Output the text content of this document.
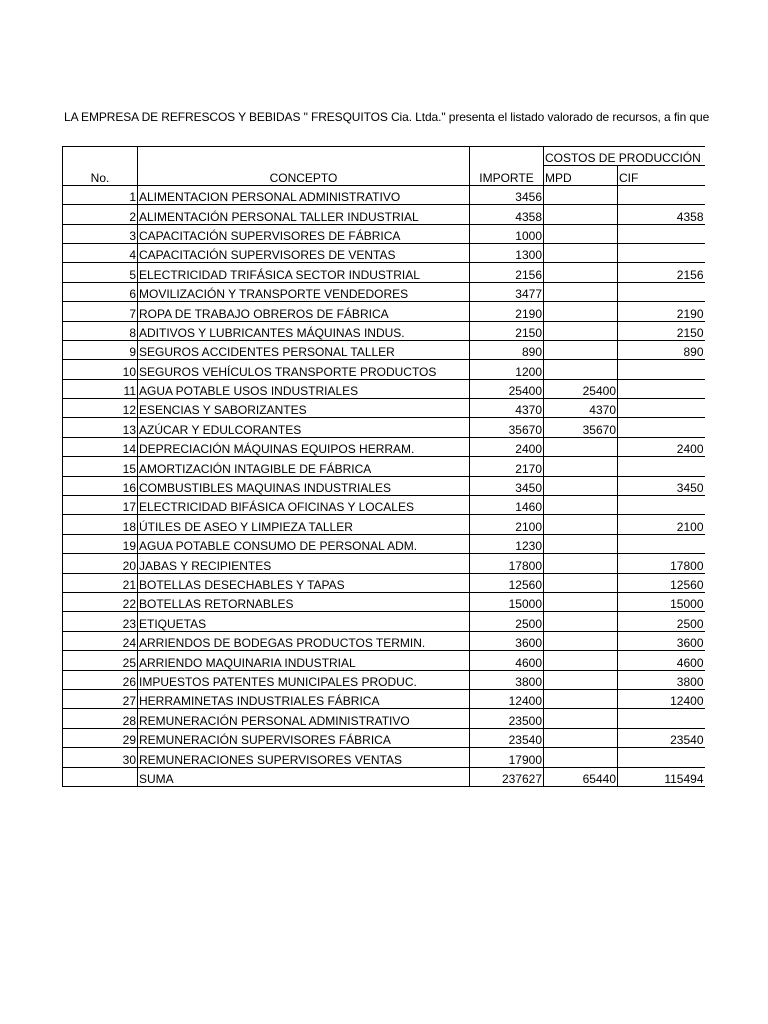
LA EMPRESA DE REFRESCOS Y BEBIDAS " FRESQUITOS Cia. Ltda." presenta el listado valorado de recursos, a fin que
No.	CONCEPTO	IMPORTE	COSTOS DE PRODUCCIÓN	
			MPD	CIF
1	ALIMENTACION PERSONAL ADMINISTRATIVO	3456		
2	ALIMENTACIÓN PERSONAL TALLER INDUSTRIAL	4358		4358
3	CAPACITACIÓN SUPERVISORES DE FÁBRICA	1000		
4	CAPACITACIÓN SUPERVISORES DE VENTAS	1300		
5	ELECTRICIDAD TRIFÁSICA SECTOR INDUSTRIAL	2156		2156
6	MOVILIZACIÓN Y TRANSPORTE VENDEDORES	3477		
7	ROPA DE TRABAJO OBREROS DE FÁBRICA	2190		2190
8	ADITIVOS Y LUBRICANTES MÁQUINAS INDUS.	2150		2150
9	SEGUROS ACCIDENTES PERSONAL TALLER	890		890
10	SEGUROS VEHÍCULOS TRANSPORTE PRODUCTOS	1200		
11	AGUA POTABLE USOS INDUSTRIALES	25400	25400	
12	ESENCIAS Y SABORIZANTES	4370	4370	
13	AZÚCAR Y EDULCORANTES	35670	35670	
14	DEPRECIACIÓN MÁQUINAS EQUIPOS HERRAM.	2400		2400
15	AMORTIZACIÓN INTAGIBLE DE FÁBRICA	2170		
16	COMBUSTIBLES MAQUINAS INDUSTRIALES	3450		3450
17	ELECTRICIDAD BIFÁSICA OFICINAS Y LOCALES	1460		
18	ÚTILES DE ASEO Y LIMPIEZA TALLER	2100		2100
19	AGUA POTABLE CONSUMO DE PERSONAL ADM.	1230		
20	JABAS Y RECIPIENTES	17800		17800
21	BOTELLAS DESECHABLES Y TAPAS	12560		12560
22	BOTELLAS RETORNABLES	15000		15000
23	ETIQUETAS	2500		2500
24	ARRIENDOS DE BODEGAS PRODUCTOS TERMIN.	3600		3600
25	ARRIENDO MAQUINARIA INDUSTRIAL	4600		4600
26	IMPUESTOS PATENTES MUNICIPALES PRODUC.	3800		3800
27	HERRAMINETAS INDUSTRIALES FÁBRICA	12400		12400
28	REMUNERACIÓN PERSONAL ADMINISTRATIVO	23500		
29	REMUNERACIÓN SUPERVISORES FÁBRICA	23540		23540
30	REMUNERACIONES SUPERVISORES VENTAS	17900		
	SUMA	237627	65440	115494
